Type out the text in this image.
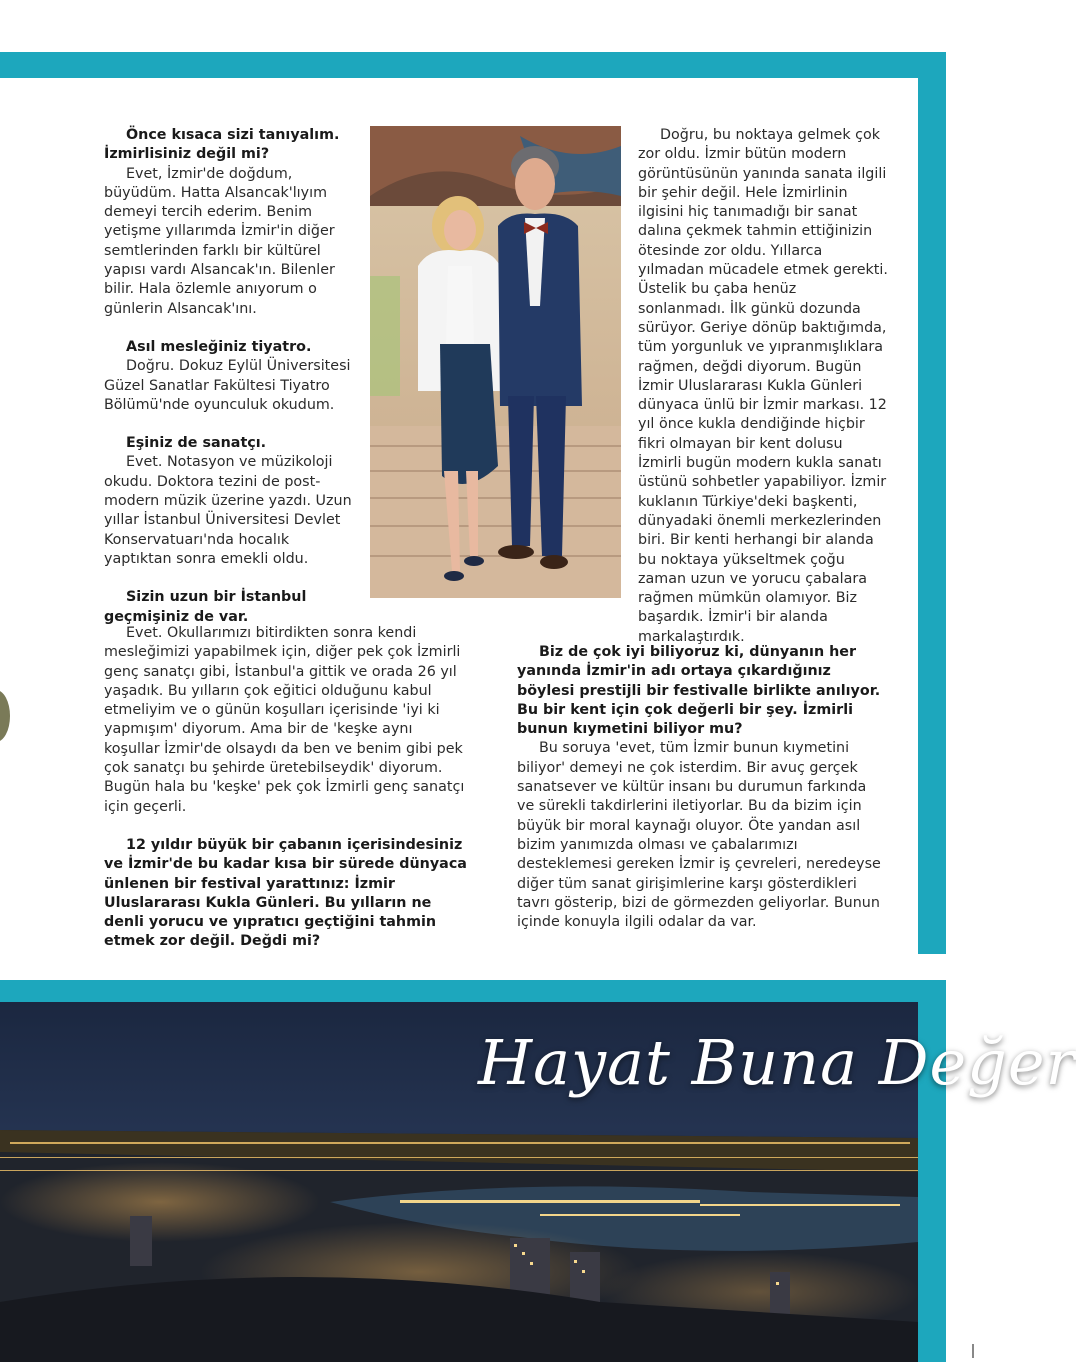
Önce kısaca sizi tanıyalım. İzmirlisiniz değil mi?

Evet, İzmir'de doğdum, büyüdüm. Hatta Alsancak'lıyım demeyi tercih ederim. Benim yetişme yıllarımda İzmir'in diğer semtlerinden farklı bir kültürel yapısı vardı Alsancak'ın. Bilenler bilir. Hala özlemle anıyorum o günlerin Alsancak'ını.

Asıl mesleğiniz tiyatro.

Doğru. Dokuz Eylül Üniversitesi Güzel Sanatlar Fakültesi Tiyatro Bölümü'nde oyunculuk okudum.

Eşiniz de sanatçı.

Evet. Notasyon ve müzikoloji okudu. Doktora tezini de post-modern müzik üzerine yazdı. Uzun yıllar İstanbul Üniversitesi Devlet Konservatuarı'nda hocalık yaptıktan sonra emekli oldu.

Sizin uzun bir İstanbul geçmişiniz de var.

Doğru, bu noktaya gelmek çok zor oldu. İzmir bütün modern görüntüsünün yanında sanata ilgili bir şehir değil. Hele İzmirlinin ilgisini hiç tanımadığı bir sanat dalına çekmek tahmin ettiğinizin ötesinde zor oldu. Yıllarca yılmadan mücadele etmek gerekti. Üstelik bu çaba henüz sonlanmadı. İlk günkü dozunda sürüyor. Geriye dönüp baktığımda, tüm yorgunluk ve yıpranmışlıklara rağmen, değdi diyorum. Bugün İzmir Uluslararası Kukla Günleri dünyaca ünlü bir İzmir markası. 12 yıl önce kukla dendiğinde hiçbir fikri olmayan bir kent dolusu İzmirli bugün modern kukla sanatı üstünü sohbetler yapabiliyor. İzmir kuklanın Türkiye'deki başkenti, dünyadaki önemli merkezlerinden biri. Bir kenti herhangi bir alanda bu noktaya yükseltmek çoğu zaman uzun ve yorucu çabalara rağmen mümkün olamıyor. Biz başardık. İzmir'i bir alanda markalaştırdık.

Evet. Okullarımızı bitirdikten sonra kendi mesleğimizi yapabilmek için, diğer pek çok İzmirli genç sanatçı gibi, İstanbul'a gittik ve orada 26 yıl yaşadık. Bu yılların çok eğitici olduğunu kabul etmeliyim ve o günün koşulları içerisinde 'iyi ki yapmışım' diyorum. Ama bir de 'keşke aynı koşullar İzmir'de olsaydı da ben ve benim gibi pek çok sanatçı bu şehirde üretebilseydik' diyorum. Bugün hala bu 'keşke' pek çok İzmirli genç sanatçı için geçerli.

12 yıldır büyük bir çabanın içerisindesiniz ve İzmir'de bu kadar kısa bir sürede dünyaca ünlenen bir festival yarattınız: İzmir Uluslararası Kukla Günleri. Bu yılların ne denli yorucu ve yıpratıcı geçtiğini tahmin etmek zor değil. Değdi mi?

Biz de çok iyi biliyoruz ki, dünyanın her yanında İzmir'in adı ortaya çıkardığınız böylesi prestijli bir festivalle birlikte anılıyor. Bu bir kent için çok değerli bir şey. İzmirli bunun kıymetini biliyor mu?

Bu soruya 'evet, tüm İzmir bunun kıymetini biliyor' demeyi ne çok isterdim. Bir avuç gerçek sanatsever ve kültür insanı bu durumun farkında ve sürekli takdirlerini iletiyorlar. Bu da bizim için büyük bir moral kaynağı oluyor. Öte yandan asıl bizim yanımızda olması ve çabalarımızı desteklemesi gereken İzmir iş çevreleri, neredeyse diğer tüm sanat girişimlerine karşı gösterdikleri tavrı gösterip, bizi de görmezden geliyorlar. Bunun içinde konuyla ilgili odalar da var.

Hayat Buna Değer
